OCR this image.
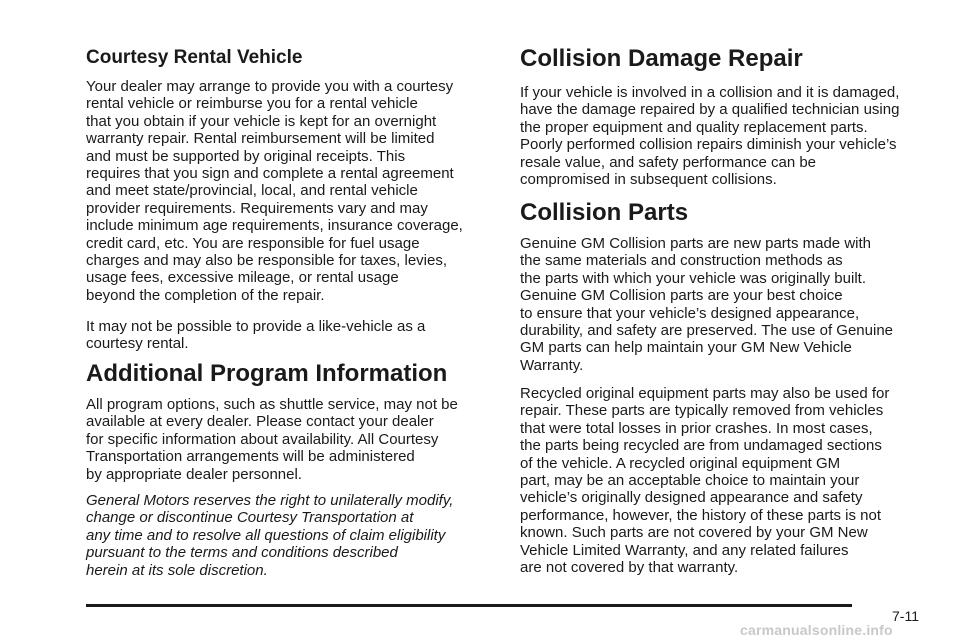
Courtesy Rental Vehicle

Your dealer may arrange to provide you with a courtesy
rental vehicle or reimburse you for a rental vehicle
that you obtain if your vehicle is kept for an overnight
warranty repair. Rental reimbursement will be limited
and must be supported by original receipts. This
requires that you sign and complete a rental agreement
and meet state/provincial, local, and rental vehicle
provider requirements. Requirements vary and may
include minimum age requirements, insurance coverage,
credit card, etc. You are responsible for fuel usage
charges and may also be responsible for taxes, levies,
usage fees, excessive mileage, or rental usage
beyond the completion of the repair.

It may not be possible to provide a like-vehicle as a
courtesy rental.

Additional Program Information

All program options, such as shuttle service, may not be
available at every dealer. Please contact your dealer
for specific information about availability. All Courtesy
Transportation arrangements will be administered
by appropriate dealer personnel.

General Motors reserves the right to unilaterally modify,
change or discontinue Courtesy Transportation at
any time and to resolve all questions of claim eligibility
pursuant to the terms and conditions described
herein at its sole discretion.

Collision Damage Repair

If your vehicle is involved in a collision and it is damaged,
have the damage repaired by a qualified technician using
the proper equipment and quality replacement parts.
Poorly performed collision repairs diminish your vehicle’s
resale value, and safety performance can be
compromised in subsequent collisions.

Collision Parts

Genuine GM Collision parts are new parts made with
the same materials and construction methods as
the parts with which your vehicle was originally built.
Genuine GM Collision parts are your best choice
to ensure that your vehicle’s designed appearance,
durability, and safety are preserved. The use of Genuine
GM parts can help maintain your GM New Vehicle
Warranty.

Recycled original equipment parts may also be used for
repair. These parts are typically removed from vehicles
that were total losses in prior crashes. In most cases,
the parts being recycled are from undamaged sections
of the vehicle. A recycled original equipment GM
part, may be an acceptable choice to maintain your
vehicle’s originally designed appearance and safety
performance, however, the history of these parts is not
known. Such parts are not covered by your GM New
Vehicle Limited Warranty, and any related failures
are not covered by that warranty.

7-11
carmanualsonline.info
